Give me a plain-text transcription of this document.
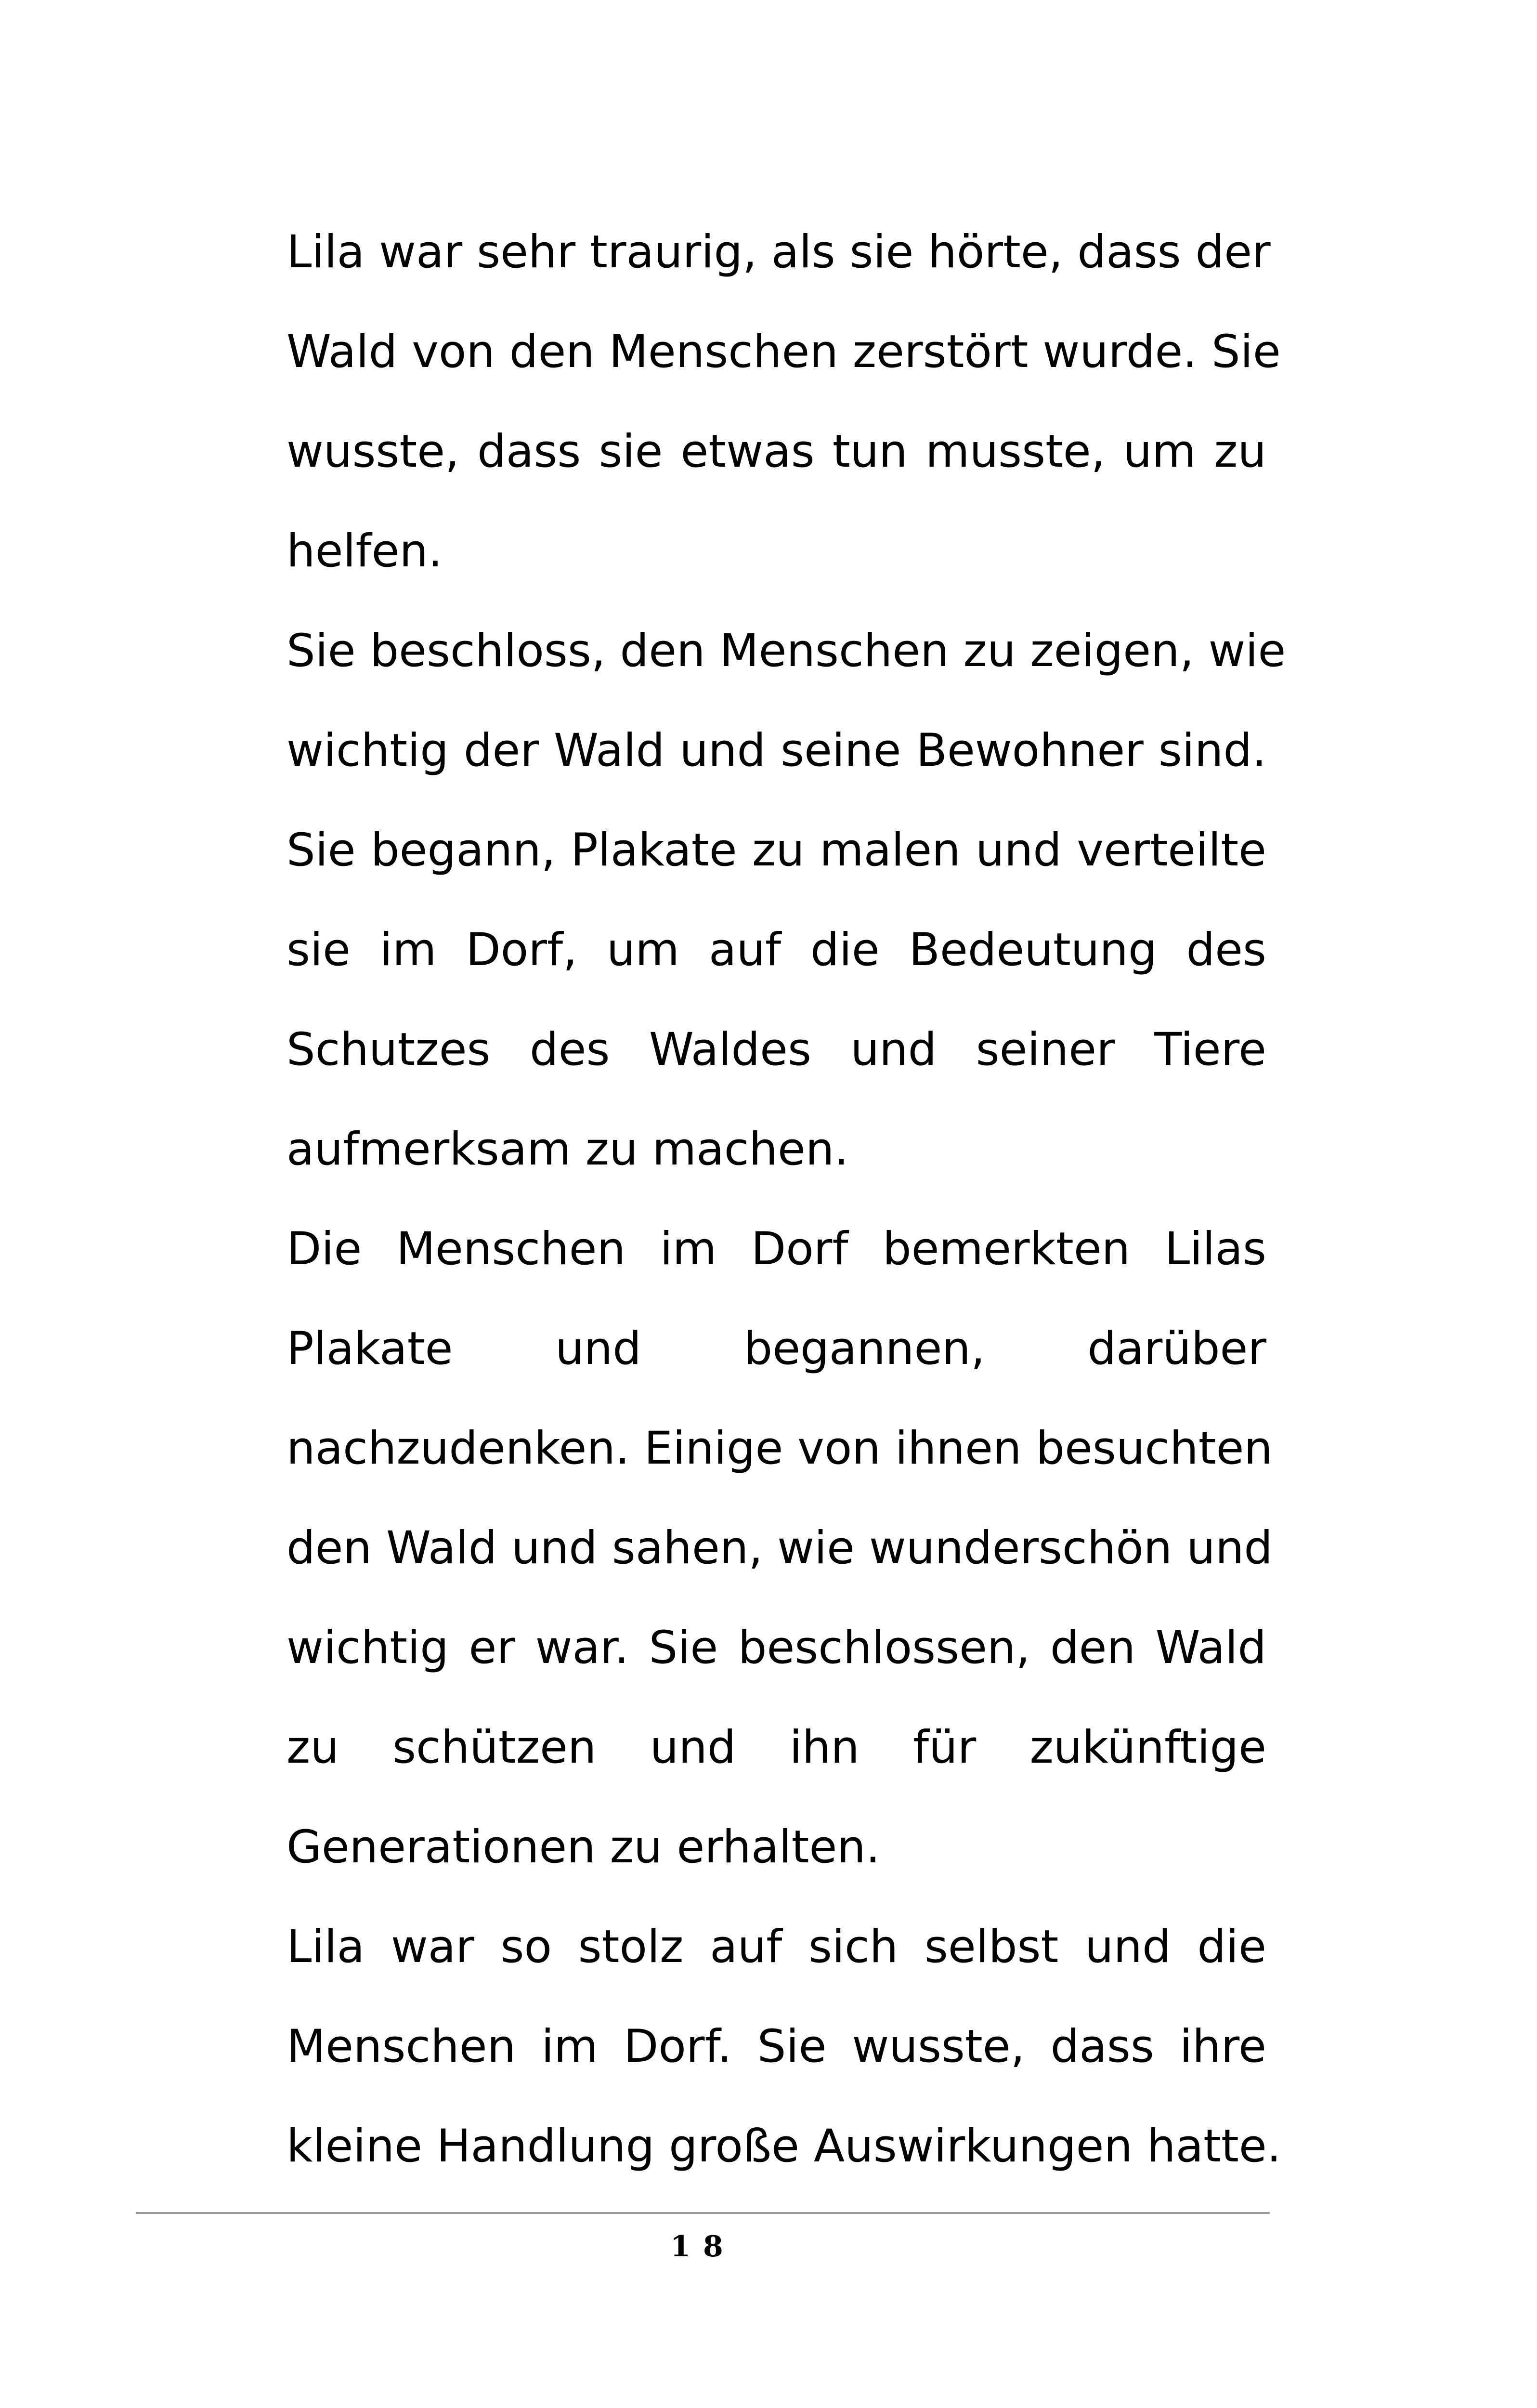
Lila war sehr traurig, als sie hörte, dass der
Wald von den Menschen zerstört wurde. Sie
wusste, dass sie etwas tun musste, um zu
helfen.
Sie beschloss, den Menschen zu zeigen, wie
wichtig der Wald und seine Bewohner sind.
Sie begann, Plakate zu malen und verteilte
sie im Dorf, um auf die Bedeutung des
Schutzes des Waldes und seiner Tiere
aufmerksam zu machen.
Die Menschen im Dorf bemerkten Lilas
Plakate und begannen, darüber
nachzudenken. Einige von ihnen besuchten
den Wald und sahen, wie wunderschön und
wichtig er war. Sie beschlossen, den Wald
zu schützen und ihn für zukünftige
Generationen zu erhalten.
Lila war so stolz auf sich selbst und die
Menschen im Dorf. Sie wusste, dass ihre
kleine Handlung große Auswirkungen hatte.
18
